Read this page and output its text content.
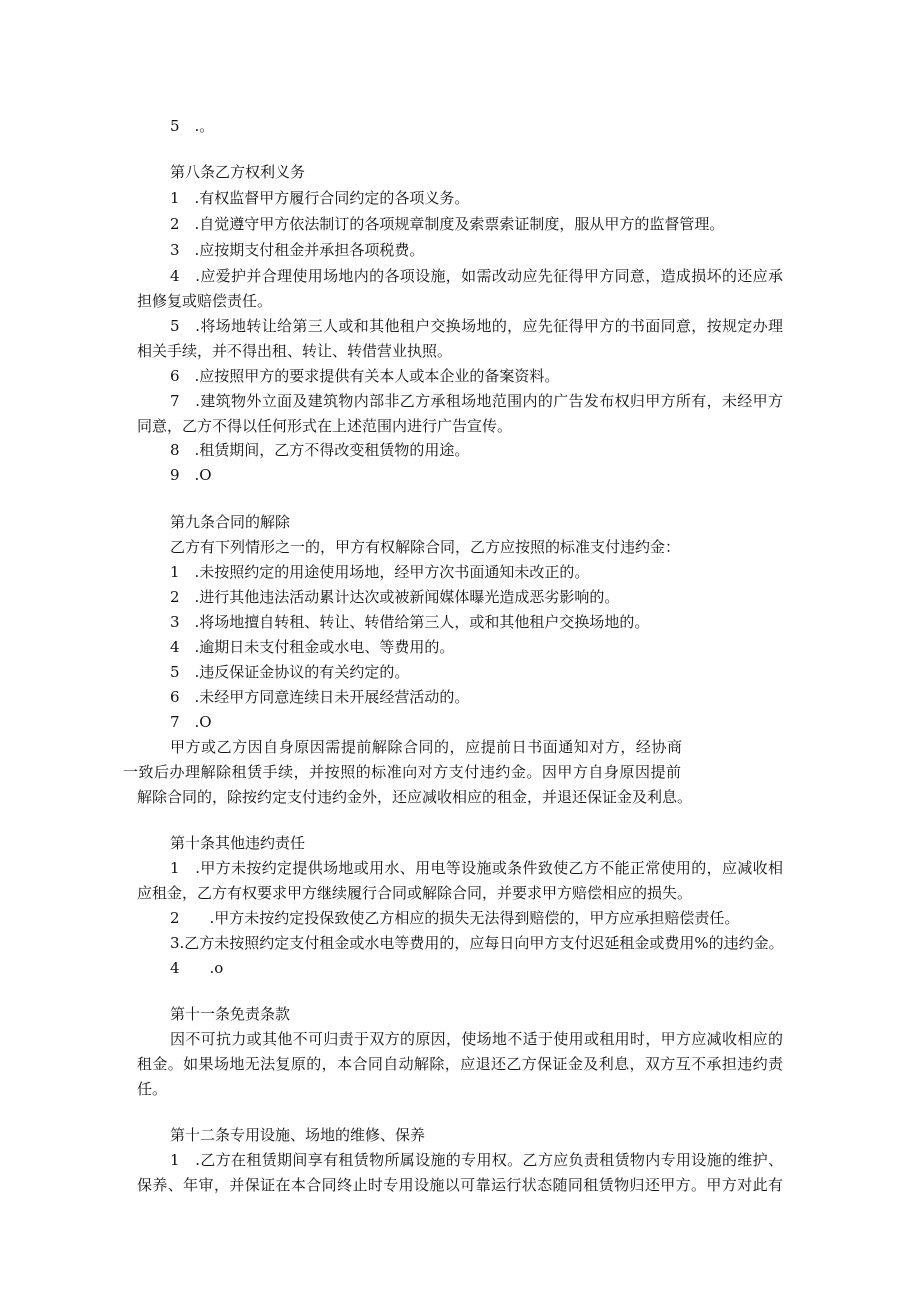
5　.。

第八条乙方权利义务

1　.有权监督甲方履行合同约定的各项义务。

2　.自觉遵守甲方依法制订的各项规章制度及索票索证制度，服从甲方的监督管理。

3　.应按期支付租金并承担各项税费。

4　.应爱护并合理使用场地内的各项设施，如需改动应先征得甲方同意，造成损坏的还应承

担修复或赔偿责任。

5　.将场地转让给第三人或和其他租户交换场地的，应先征得甲方的书面同意，按规定办理

相关手续，并不得出租、转让、转借营业执照。

6　.应按照甲方的要求提供有关本人或本企业的备案资料。

7　.建筑物外立面及建筑物内部非乙方承租场地范围内的广告发布权归甲方所有，未经甲方

同意，乙方不得以任何形式在上述范围内进行广告宣传。

8　.租赁期间，乙方不得改变租赁物的用途。

9　.O

第九条合同的解除

乙方有下列情形之一的，甲方有权解除合同，乙方应按照的标准支付违约金：

1　.未按照约定的用途使用场地，经甲方次书面通知未改正的。

2　.进行其他违法活动累计达次或被新闻媒体曝光造成恶劣影响的。

3　.将场地擅自转租、转让、转借给第三人，或和其他租户交换场地的。

4　.逾期日未支付租金或水电、等费用的。

5　.违反保证金协议的有关约定的。

6　.未经甲方同意连续日未开展经营活动的。

7　.O

甲方或乙方因自身原因需提前解除合同的，应提前日书面通知对方，经协商

一致后办理解除租赁手续，并按照的标准向对方支付违约金。因甲方自身原因提前

解除合同的，除按约定支付违约金外，还应减收相应的租金，并退还保证金及利息。

第十条其他违约责任

1　.甲方未按约定提供场地或用水、用电等设施或条件致使乙方不能正常使用的，应减收相

应租金，乙方有权要求甲方继续履行合同或解除合同，并要求甲方赔偿相应的损失。

2　　.甲方未按约定投保致使乙方相应的损失无法得到赔偿的，甲方应承担赔偿责任。

3.乙方未按照约定支付租金或水电等费用的，应每日向甲方支付迟延租金或费用%的违约金。

4　　.o

第十一条免责条款

因不可抗力或其他不可归责于双方的原因，使场地不适于使用或租用时，甲方应减收相应的

租金。如果场地无法复原的，本合同自动解除，应退还乙方保证金及利息，双方互不承担违约责

任。

第十二条专用设施、场地的维修、保养

1　.乙方在租赁期间享有租赁物所属设施的专用权。乙方应负责租赁物内专用设施的维护、

保养、年审，并保证在本合同终止时专用设施以可靠运行状态随同租赁物归还甲方。甲方对此有
